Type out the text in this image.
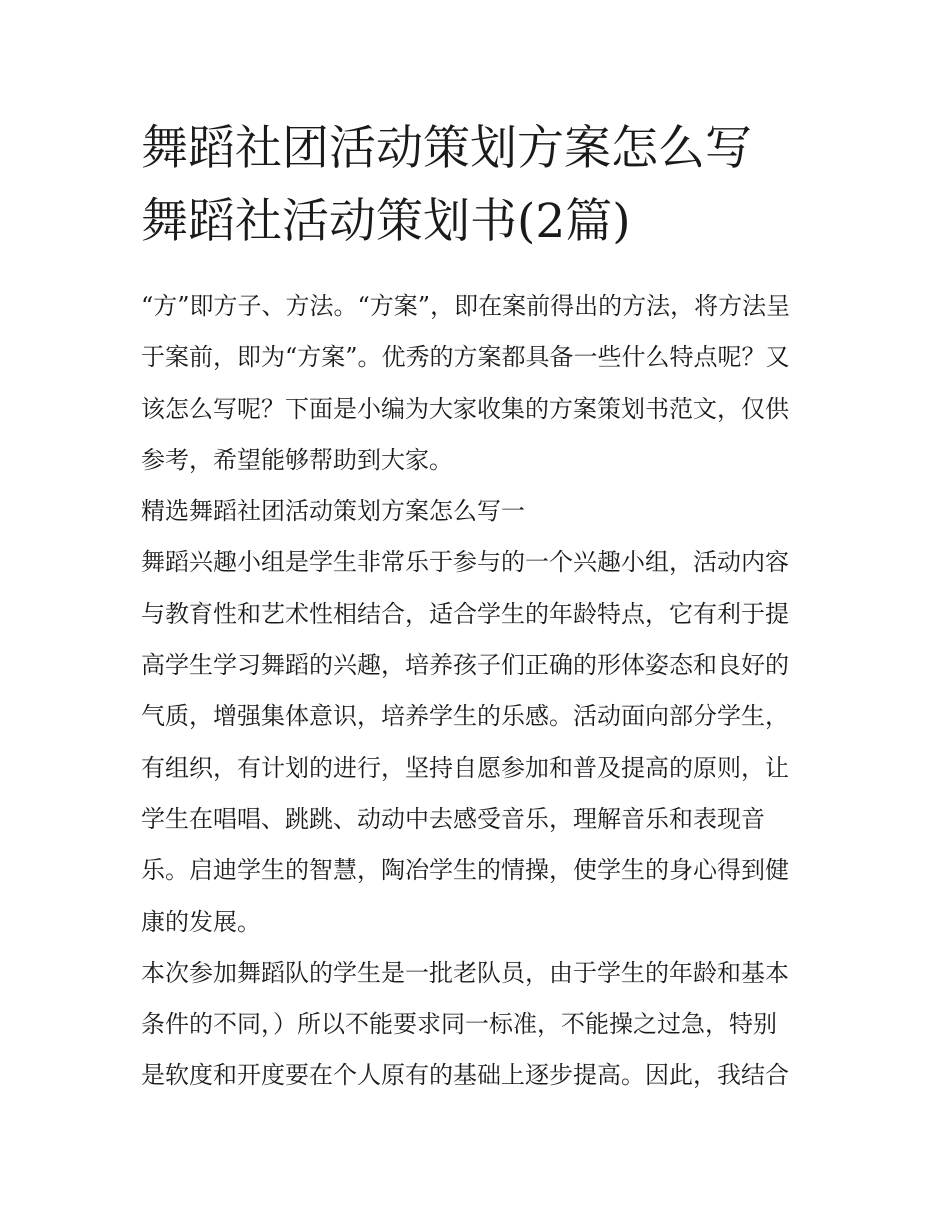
舞蹈社团活动策划方案怎么写
舞蹈社活动策划书(2篇)

“方”即方子、方法。“方案”，即在案前得出的方法，将方法呈
于案前，即为“方案”。优秀的方案都具备一些什么特点呢？又
该怎么写呢？下面是小编为大家收集的方案策划书范文，仅供
参考，希望能够帮助到大家。

精选舞蹈社团活动策划方案怎么写一

舞蹈兴趣小组是学生非常乐于参与的一个兴趣小组，活动内容
与教育性和艺术性相结合，适合学生的年龄特点，它有利于提
高学生学习舞蹈的兴趣，培养孩子们正确的形体姿态和良好的
气质，增强集体意识，培养学生的乐感。活动面向部分学生，
有组织，有计划的进行，坚持自愿参加和普及提高的原则，让
学生在唱唱、跳跳、动动中去感受音乐，理解音乐和表现音
乐。启迪学生的智慧，陶冶学生的情操，使学生的身心得到健
康的发展。

本次参加舞蹈队的学生是一批老队员，由于学生的年龄和基本
条件的不同，）所以不能要求同一标准，不能操之过急，特别
是软度和开度要在个人原有的基础上逐步提高。因此，我结合
